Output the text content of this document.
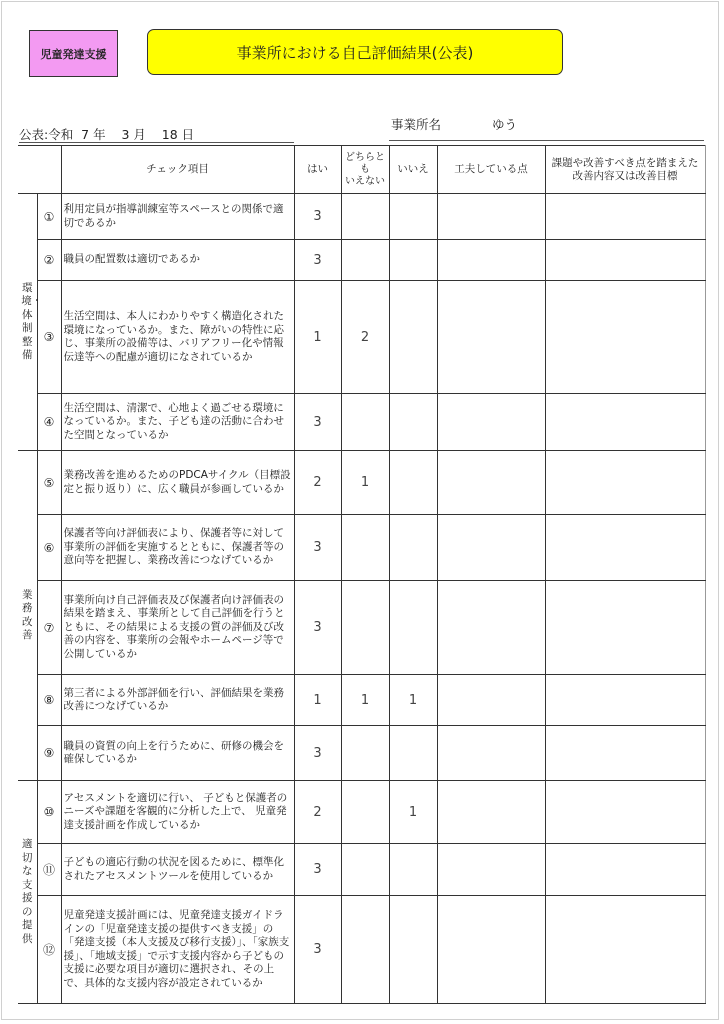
児童発達支援	事業所における自己評価結果(公表)
公表:令和  7 年    3 月    18 日
事業所名	ゆう
		チェック項目	はい	どちらとも
いえない	いいえ	工夫している点	課題や改善すべき点を踏まえた改善内容又は改善目標
環境・体制整備	①	利用定員が指導訓練室等スペースとの関係で適切であるか	3				
	②	職員の配置数は適切であるか	3				
	③	生活空間は、本人にわかりやすく構造化された環境になっているか。また、障がいの特性に応じ、事業所の設備等は、バリアフリー化や情報伝達等への配慮が適切になされているか	1	2			
	④	生活空間は、清潔で、心地よく過ごせる環境になっているか。また、子ども達の活動に合わせた空間となっているか	3				
業務改善	⑤	業務改善を進めるためのPDCAサイクル（目標設定と振り返り）に、広く職員が参画しているか	2	1			
	⑥	保護者等向け評価表により、保護者等に対して事業所の評価を実施するとともに、保護者等の意向等を把握し、業務改善につなげているか	3				
	⑦	事業所向け自己評価表及び保護者向け評価表の結果を踏まえ、事業所として自己評価を行うとともに、その結果による支援の質の評価及び改善の内容を、事業所の会報やホームページ等で公開しているか	3				
	⑧	第三者による外部評価を行い、評価結果を業務改善につなげているか	1	1	1		
	⑨	職員の資質の向上を行うために、研修の機会を確保しているか	3				
適切な支援の提供	⑩	アセスメントを適切に行い、 子どもと保護者のニーズや課題を客観的に分析した上で、 児童発達支援計画を作成しているか	2		1		
	⑪	子どもの適応行動の状況を図るために、標準化されたアセスメントツールを使用しているか	3				
	⑫	児童発達支援計画には、児童発達支援ガイドラインの「児童発達支援の提供すべき支援」の「発達支援（本人支援及び移行支援）」、「家族支援」、「地域支援」で示す支援内容から子どもの支援に必要な項目が適切に選択され、その上で、具体的な支援内容が設定されているか	3				
